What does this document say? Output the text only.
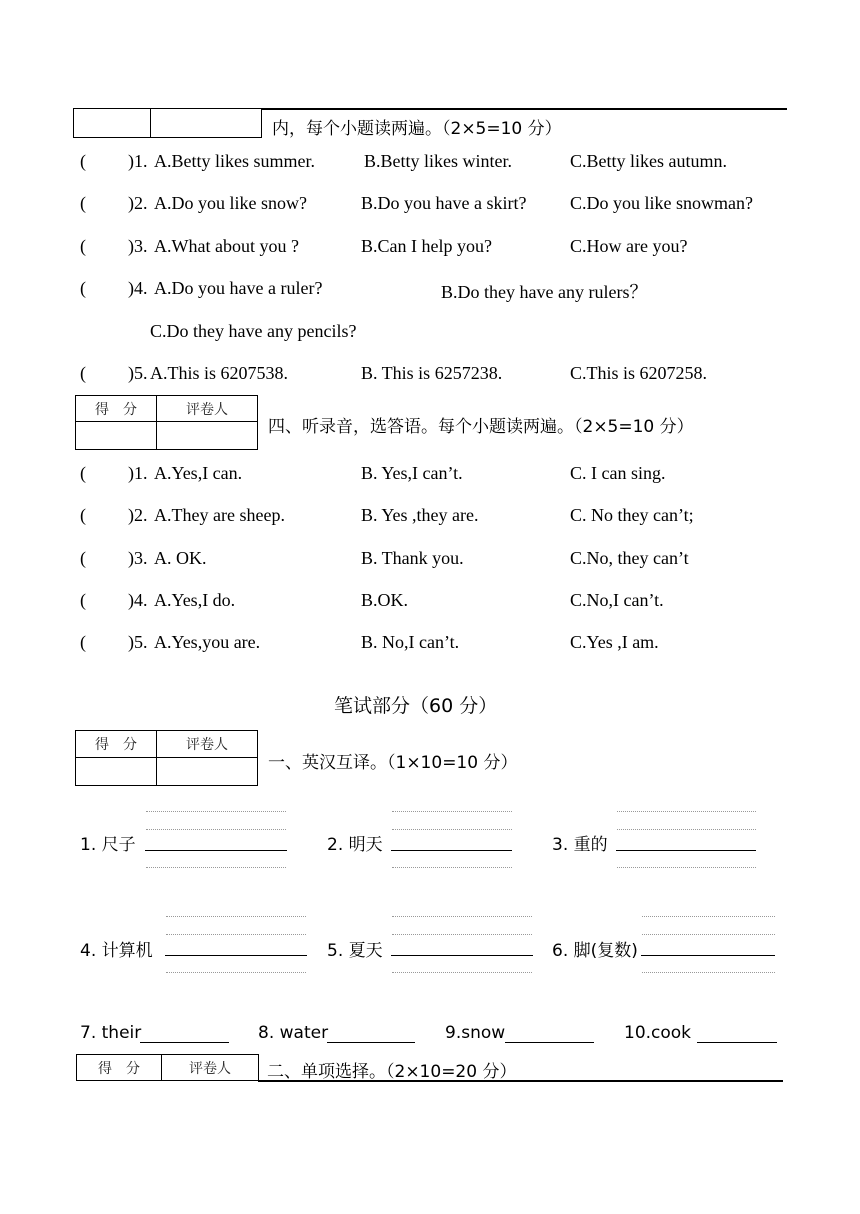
内，每个小题读两遍。（2×5=10 分）
( )1. A.Betty likes summer.	B.Betty likes winter.	C.Betty likes autumn.
( )2. A.Do you like snow?	B.Do you have a skirt? C.Do you like snowman?
( )3. A.What about you ?	B.Can I help you?	C.How are you?
( )4. A.Do you have a ruler?	B.Do they have any rulers？
C.Do they have any pencils?
( )5. A.This is 6207538.	B. This is 6257238.	C.This is 6207258.
得　分	评卷人

四、听录音，选答语。每个小题读两遍。（2×5=10 分）
( )1. A.Yes,I can.	B. Yes,I can’t.	C. I can sing.
( )2. A.They are sheep.	B. Yes ,they are.	C. No they can’t;
( )3. A. OK.	B. Thank you.	C.No, they can’t
( )4. A.Yes,I do.	B.OK.	C.No,I can’t.
( )5. A.Yes,you are.	B. No,I can’t.	C.Yes ,I am.
笔试部分（60 分）
得　分	评卷人

一、英汉互译。（1×10=10 分）
1. 尺子	2. 明天	3. 重的
4. 计算机	5. 夏天	6. 脚(复数)
7. their	8. water	9.snow	10.cook
得　分	评卷人 二、单项选择。（2×10=20 分）
